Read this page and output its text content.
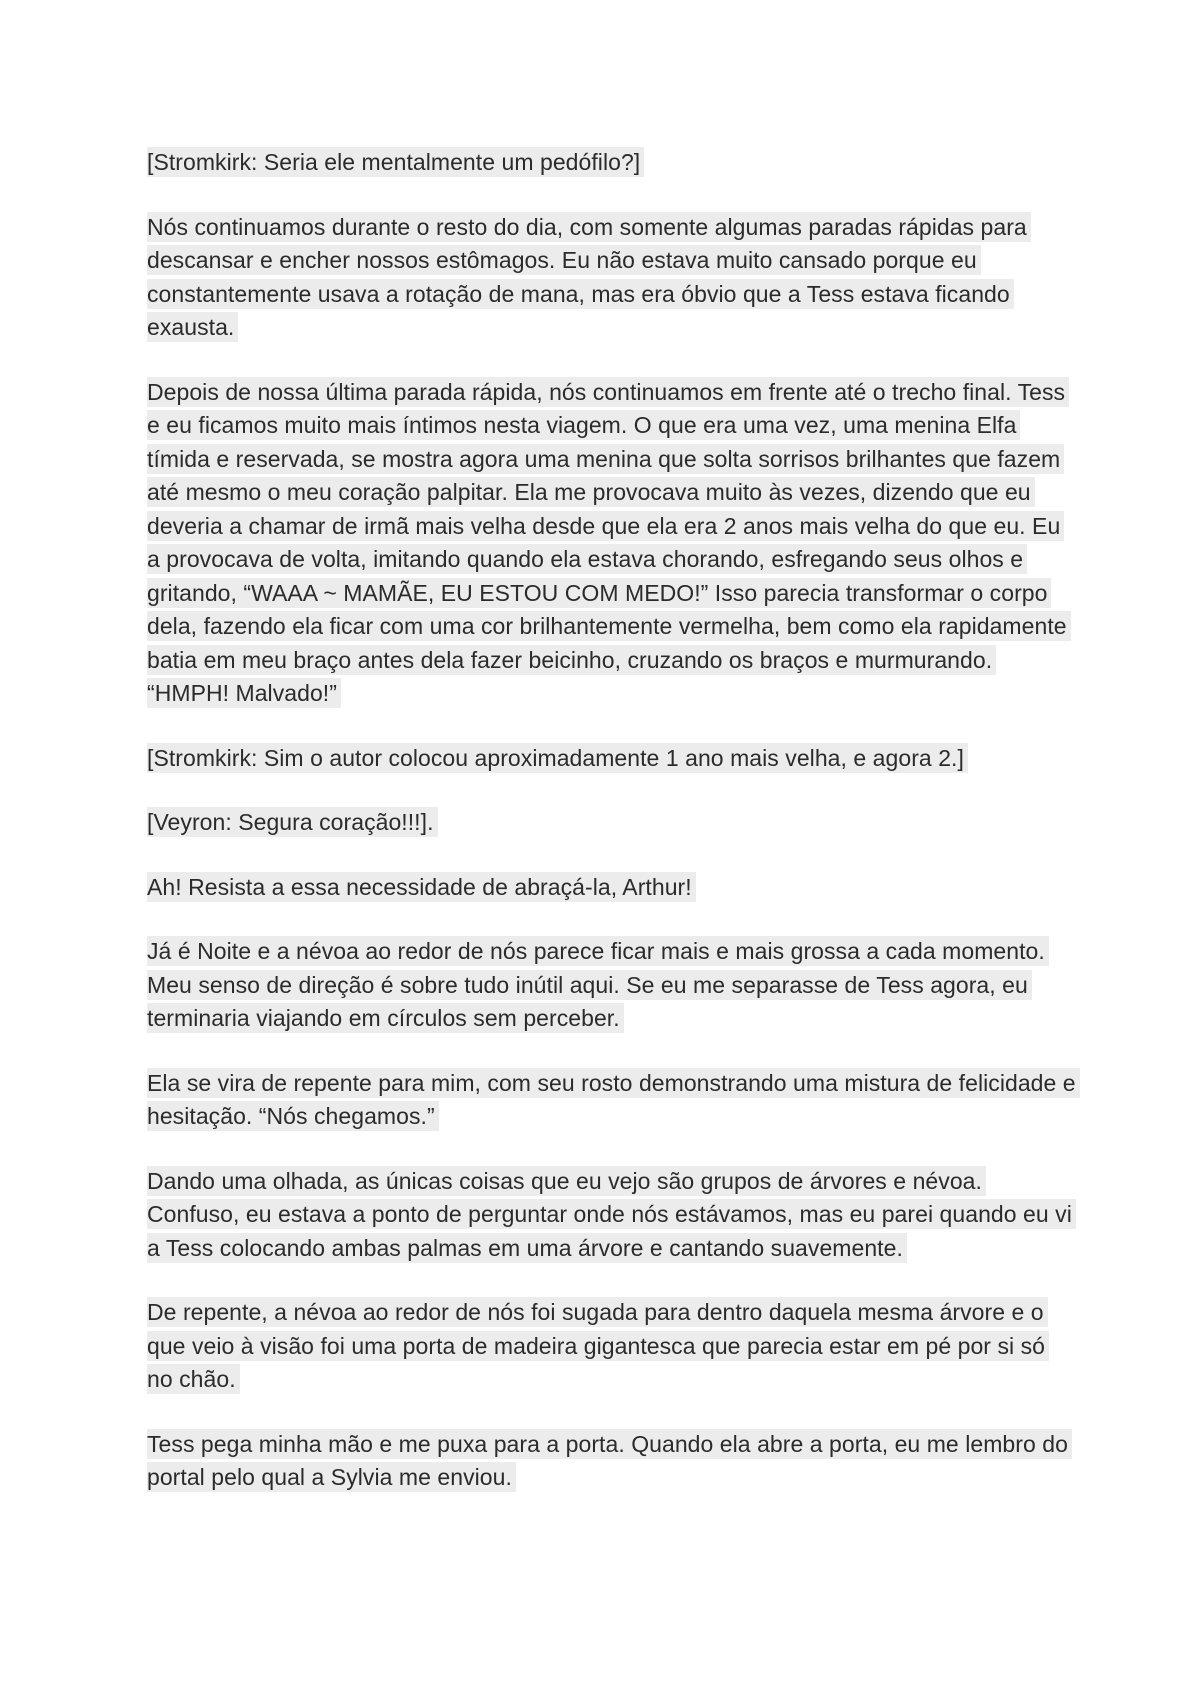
[Stromkirk: Seria ele mentalmente um pedófilo?]

Nós continuamos durante o resto do dia, com somente algumas paradas rápidas para descansar e encher nossos estômagos. Eu não estava muito cansado porque eu constantemente usava a rotação de mana, mas era óbvio que a Tess estava ficando exausta.

Depois de nossa última parada rápida, nós continuamos em frente até o trecho final. Tess e eu ficamos muito mais íntimos nesta viagem. O que era uma vez, uma menina Elfa tímida e reservada, se mostra agora uma menina que solta sorrisos brilhantes que fazem até mesmo o meu coração palpitar. Ela me provocava muito às vezes, dizendo que eu deveria a chamar de irmã mais velha desde que ela era 2 anos mais velha do que eu. Eu a provocava de volta, imitando quando ela estava chorando, esfregando seus olhos e gritando, “WAAA ~ MAMÃE, EU ESTOU COM MEDO!” Isso parecia transformar o corpo dela, fazendo ela ficar com uma cor brilhantemente vermelha, bem como ela rapidamente batia em meu braço antes dela fazer beicinho, cruzando os braços e murmurando. “HMPH! Malvado!”

[Stromkirk: Sim o autor colocou aproximadamente 1 ano mais velha, e agora 2.]

[Veyron: Segura coração!!!].

Ah! Resista a essa necessidade de abraçá-la, Arthur!

Já é Noite e a névoa ao redor de nós parece ficar mais e mais grossa a cada momento. Meu senso de direção é sobre tudo inútil aqui. Se eu me separasse de Tess agora, eu terminaria viajando em círculos sem perceber.

Ela se vira de repente para mim, com seu rosto demonstrando uma mistura de felicidade e hesitação. “Nós chegamos.”

Dando uma olhada, as únicas coisas que eu vejo são grupos de árvores e névoa. Confuso, eu estava a ponto de perguntar onde nós estávamos, mas eu parei quando eu vi a Tess colocando ambas palmas em uma árvore e cantando suavemente.

De repente, a névoa ao redor de nós foi sugada para dentro daquela mesma árvore e o que veio à visão foi uma porta de madeira gigantesca que parecia estar em pé por si só no chão.

Tess pega minha mão e me puxa para a porta. Quando ela abre a porta, eu me lembro do portal pelo qual a Sylvia me enviou.
